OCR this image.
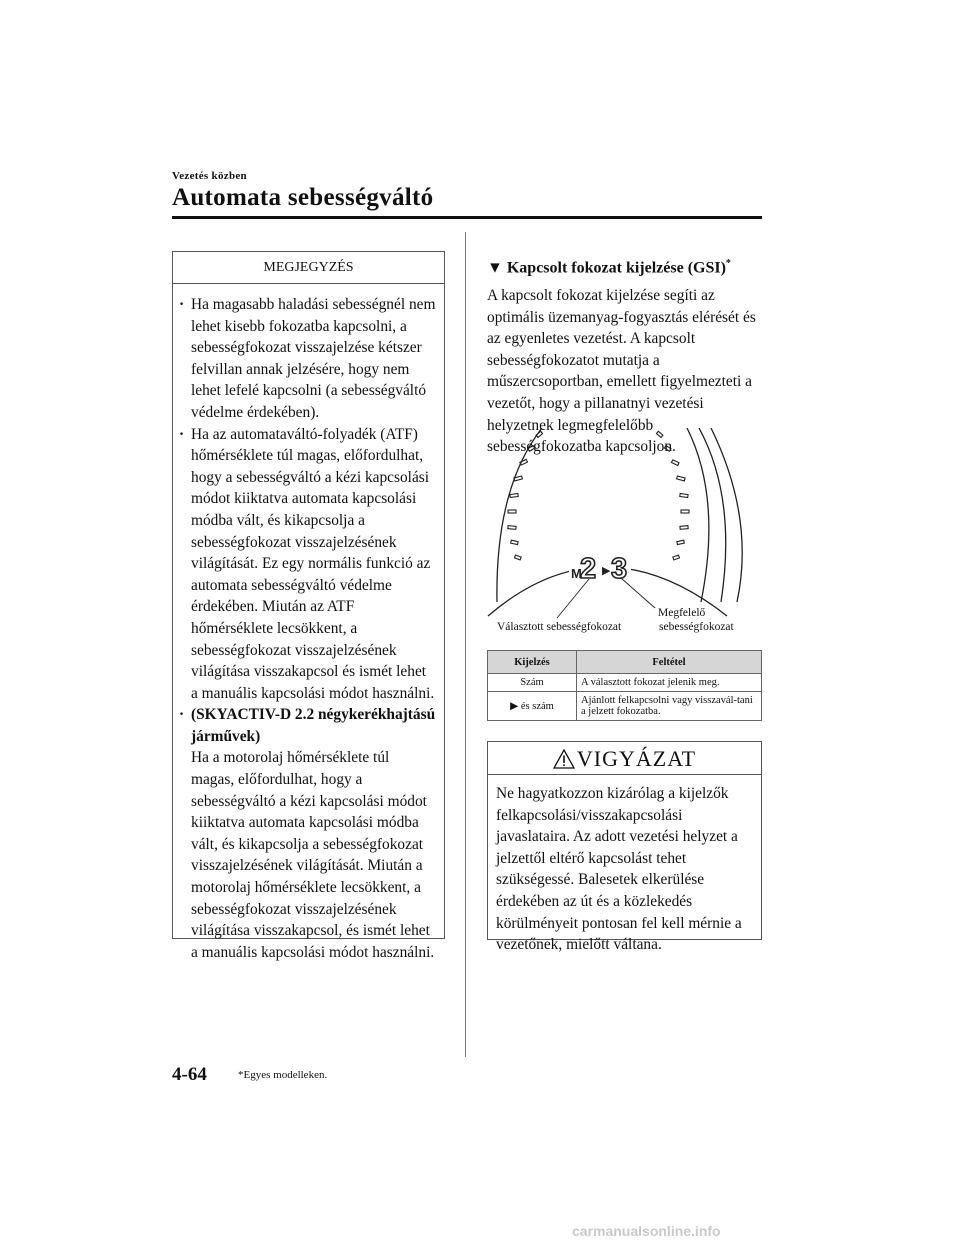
Vezetés közben
Automata sebességváltó
MEGJEGYZÉS
· Ha magasabb haladási sebességnél nem lehet kisebb fokozatba kapcsolni, a sebességfokozat visszajelzése kétszer felvillan annak jelzésére, hogy nem lehet lefelé kapcsolni (a sebességváltó védelme érdekében).
· Ha az automataváltó-folyadék (ATF) hőmérséklete túl magas, előfordulhat, hogy a sebességváltó a kézi kapcsolási módot kiiktatva automata kapcsolási módba vált, és kikapcsolja a sebességfokozat visszajelzésének világítását. Ez egy normális funkció az automata sebességváltó védelme érdekében. Miután az ATF hőmérséklete lecsökkent, a sebességfokozat visszajelzésének világítása visszakapcsol és ismét lehet a manuális kapcsolási módot használni.
· (SKYACTIV-D 2.2 négykerékhajtású járművek)
Ha a motorolaj hőmérséklete túl magas, előfordulhat, hogy a sebességváltó a kézi kapcsolási módot kiiktatva automata kapcsolási módba vált, és kikapcsolja a sebességfokozat visszajelzésének világítását. Miután a motorolaj hőmérséklete lecsökkent, a sebességfokozat visszajelzésének világítása visszakapcsol, és ismét lehet a manuális kapcsolási módot használni.
▼ Kapcsolt fokozat kijelzése (GSI)*
A kapcsolt fokozat kijelzése segíti az optimális üzemanyag-fogyasztás elérését és az egyenletes vezetést. A kapcsolt sebességfokozatot mutatja a műszercsoportban, emellett figyelmezteti a vezetőt, hogy a pillanatnyi vezetési helyzetnek legmegfelelőbb sebességfokozatba kapcsoljon.
M
2 ▶ 3
Választott sebességfokozat
Megfelelő
sebességfokozat
Kijelzés	Feltétel
Szám	A választott fokozat jelenik meg.
▶ és szám	Ajánlott felkapcsolni vagy visszavál-tani a jelzett fokozatba.
VIGYÁZAT
Ne hagyatkozzon kizárólag a kijelzők felkapcsolási/visszakapcsolási javaslataira. Az adott vezetési helyzet a jelzettől eltérő kapcsolást tehet szükségessé. Balesetek elkerülése érdekében az út és a közlekedés körülményeit pontosan fel kell mérnie a vezetőnek, mielőtt váltana.
4-64	*Egyes modelleken.
carmanualsonline.info
